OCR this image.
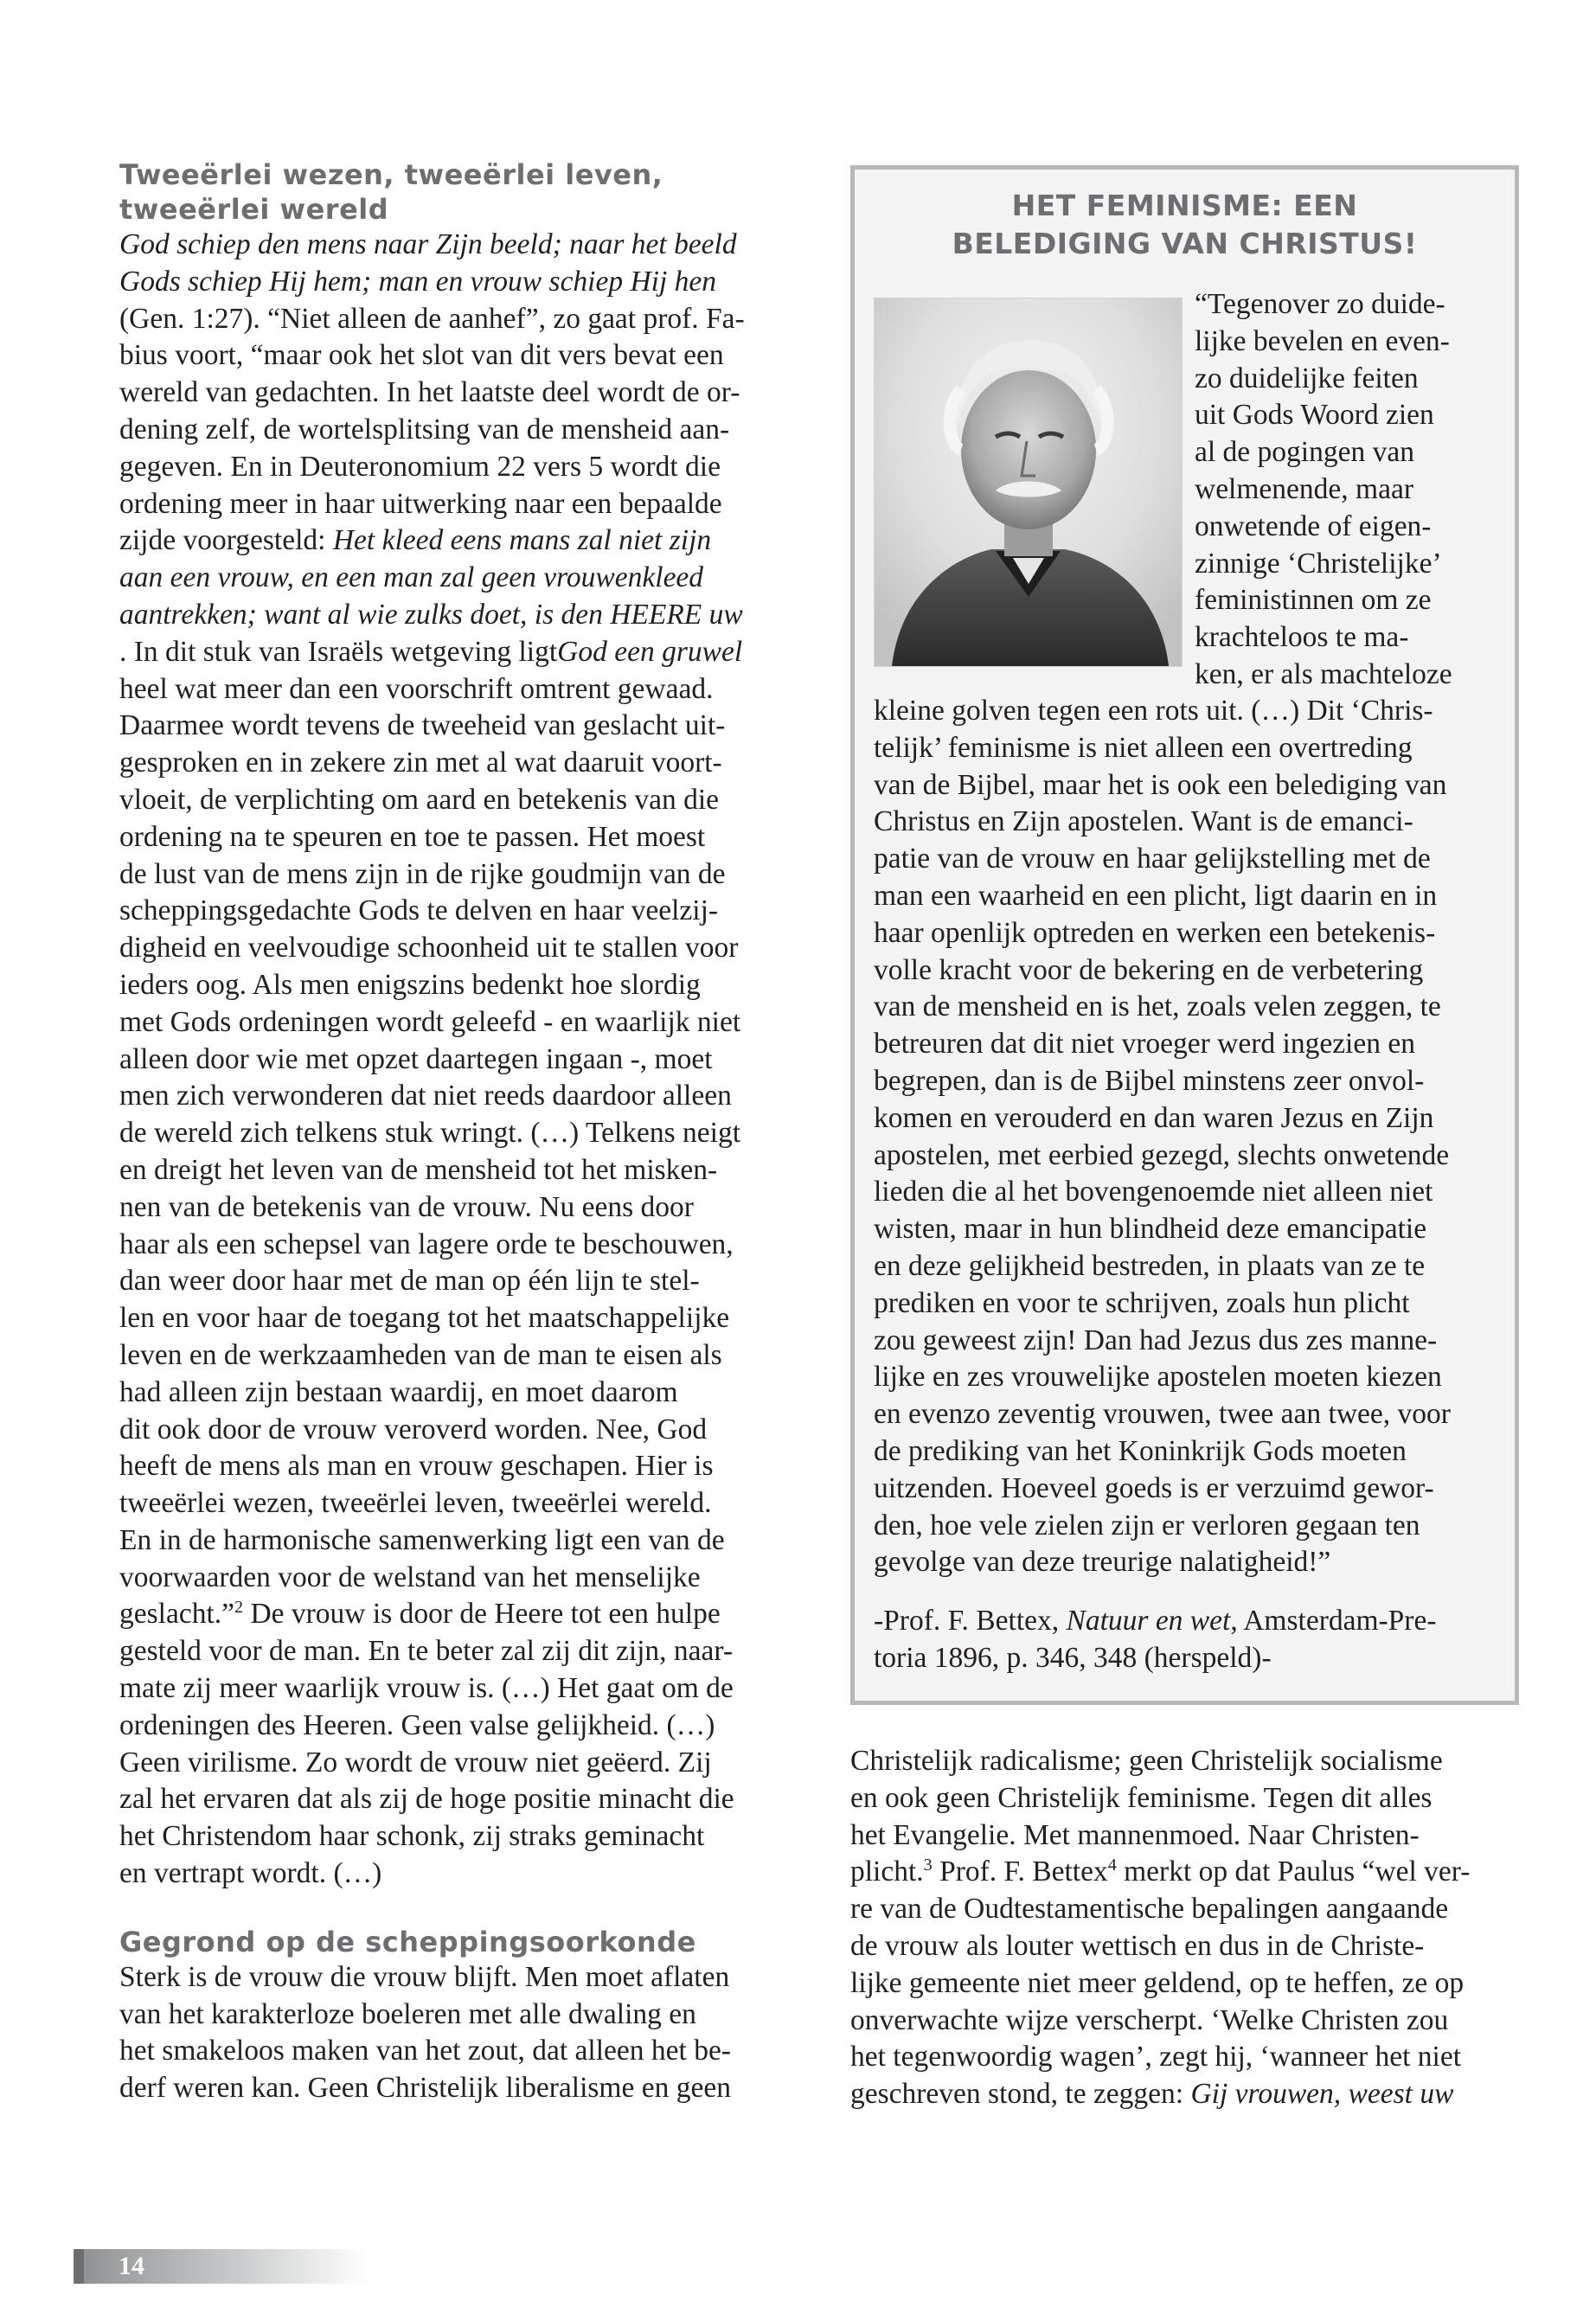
Tweeërlei wezen, tweeërlei leven, tweeërlei wereld
God schiep den mens naar Zijn beeld; naar het beeld
Gods schiep Hij hem; man en vrouw schiep Hij hen
(Gen. 1:27). “Niet alleen de aanhef”, zo gaat prof. Fa-
bius voort, “maar ook het slot van dit vers bevat een
wereld van gedachten. In het laatste deel wordt de or-
dening zelf, de wortelsplitsing van de mensheid aan-
gegeven. En in Deuteronomium 22 vers 5 wordt die
ordening meer in haar uitwerking naar een bepaalde
zijde voorgesteld: Het kleed eens mans zal niet zijn
aan een vrouw, en een man zal geen vrouwenkleed
aantrekken; want al wie zulks doet, is den HEERE uw
. In dit stuk van Israëls wetgeving ligtGod een gruwel
heel wat meer dan een voorschrift omtrent gewaad.
Daarmee wordt tevens de tweeheid van geslacht uit-
gesproken en in zekere zin met al wat daaruit voort-
vloeit, de verplichting om aard en betekenis van die
ordening na te speuren en toe te passen. Het moest
de lust van de mens zijn in de rijke goudmijn van de
scheppingsgedachte Gods te delven en haar veelzij-
digheid en veelvoudige schoonheid uit te stallen voor
ieders oog. Als men enigszins bedenkt hoe slordig
met Gods ordeningen wordt geleefd - en waarlijk niet
alleen door wie met opzet daartegen ingaan -, moet
men zich verwonderen dat niet reeds daardoor alleen
de wereld zich telkens stuk wringt. (…) Telkens neigt
en dreigt het leven van de mensheid tot het misken-
nen van de betekenis van de vrouw. Nu eens door
haar als een schepsel van lagere orde te beschouwen,
dan weer door haar met de man op één lijn te stel-
len en voor haar de toegang tot het maatschappelijke
leven en de werkzaamheden van de man te eisen als
had alleen zijn bestaan waardij, en moet daarom
dit ook door de vrouw veroverd worden. Nee, God
heeft de mens als man en vrouw geschapen. Hier is
tweeërlei wezen, tweeërlei leven, tweeërlei wereld.
En in de harmonische samenwerking ligt een van de
voorwaarden voor de welstand van het menselijke
geslacht.”$^2$ De vrouw is door de Heere tot een hulpe
gesteld voor de man. En te beter zal zij dit zijn, naar-
mate zij meer waarlijk vrouw is. (…) Het gaat om de
ordeningen des Heeren. Geen valse gelijkheid. (…)
Geen virilisme. Zo wordt de vrouw niet geëerd. Zij
zal het ervaren dat als zij de hoge positie minacht die
het Christendom haar schonk, zij straks geminacht
en vertrapt wordt. (…)
Gegrond op de scheppingsoorkonde
Sterk is de vrouw die vrouw blijft. Men moet aflaten
van het karakterloze boeleren met alle dwaling en
het smakeloos maken van het zout, dat alleen het be-
derf weren kan. Geen Christelijk liberalisme en geen
HET FEMINISME: EEN
BELEDIGING VAN CHRISTUS!
“Tegenover zo duide-
lijke bevelen en even-
zo duidelijke feiten
uit Gods Woord zien
al de pogingen van
welmenende, maar
onwetende of eigen-
zinnige ‘Christelijke’
feministinnen om ze
krachteloos te ma-
ken, er als machteloze
kleine golven tegen een rots uit. (…) Dit ‘Chris-
telijk’ feminisme is niet alleen een overtreding
van de Bijbel, maar het is ook een belediging van
Christus en Zijn apostelen. Want is de emanci-
patie van de vrouw en haar gelijkstelling met de
man een waarheid en een plicht, ligt daarin en in
haar openlijk optreden en werken een betekenis-
volle kracht voor de bekering en de verbetering
van de mensheid en is het, zoals velen zeggen, te
betreuren dat dit niet vroeger werd ingezien en
begrepen, dan is de Bijbel minstens zeer onvol-
komen en verouderd en dan waren Jezus en Zijn
apostelen, met eerbied gezegd, slechts onwetende
lieden die al het bovengenoemde niet alleen niet
wisten, maar in hun blindheid deze emancipatie
en deze gelijkheid bestreden, in plaats van ze te
prediken en voor te schrijven, zoals hun plicht
zou geweest zijn! Dan had Jezus dus zes manne-
lijke en zes vrouwelijke apostelen moeten kiezen
en evenzo zeventig vrouwen, twee aan twee, voor
de prediking van het Koninkrijk Gods moeten
uitzenden. Hoeveel goeds is er verzuimd gewor-
den, hoe vele zielen zijn er verloren gegaan ten
gevolge van deze treurige nalatigheid!”
-Prof. F. Bettex, Natuur en wet, Amsterdam-Pre-
toria 1896, p. 346, 348 (herspeld)-
Christelijk radicalisme; geen Christelijk socialisme
en ook geen Christelijk feminisme. Tegen dit alles
het Evangelie. Met mannenmoed. Naar Christen-
plicht.$^3$ Prof. F. Bettex$^4$ merkt op dat Paulus “wel ver-
re van de Oudtestamentische bepalingen aangaande
de vrouw als louter wettisch en dus in de Christe-
lijke gemeente niet meer geldend, op te heffen, ze op
onverwachte wijze verscherpt. ‘Welke Christen zou
het tegenwoordig wagen’, zegt hij, ‘wanneer het niet
geschreven stond, te zeggen: Gij vrouwen, weest uw
14
